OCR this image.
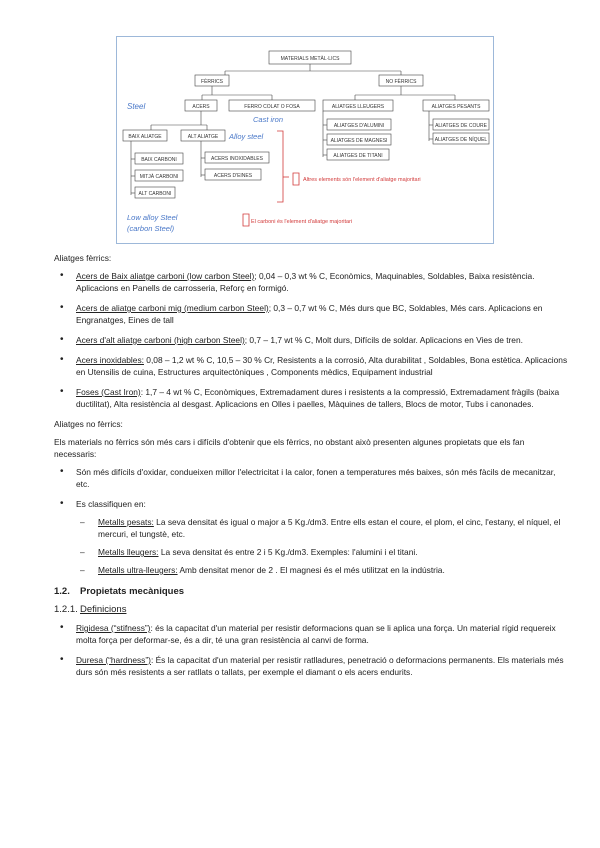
MATERIALS METÀL·LICS
FÈRRICS	NO FÈRRICS
ACERS	FERRO COLAT O FOSA	ALIATGES LLEUGERS	ALIATGES PESANTS
BAIX ALIATGE	ALT ALIATGE
BAIX CARBONI
MITJÀ CARBONI
ALT CARBONI
ACERS INOXIDABLES
ACERS D'EINES
ALIATGES D'ALUMINI
ALIATGES DE MAGNESI
ALIATGES DE TITANI
ALIATGES DE COURE
ALIATGES DE NÍQUEL
Steel
Cast iron
Alloy steel
Low alloy Steel
(carbon Steel)
Altres elements són l'element d'aliatge majoritari
El carboni és l'element d'aliatge majoritari

Aliatges fèrrics:

• Acers de Baix aliatge carboni (low carbon Steel); 0,04 – 0,3 wt % C, Econòmics, Maquinables, Soldables, Baixa resistència. Aplicacions en Panells de carrosseria, Reforç en formigó.
• Acers de aliatge carboni mig (medium carbon Steel); 0,3 – 0,7 wt % C, Més durs que BC, Soldables, Més cars. Aplicacions en Engranatges, Eines de tall
• Acers d'alt aliatge carboni (high carbon Steel); 0,7 – 1,7 wt % C, Molt durs, Difícils de soldar. Aplicacions en Vies de tren.
• Acers inoxidables: 0,08 – 1,2 wt % C, 10,5 – 30 % Cr, Resistents a la corrosió, Alta durabilitat , Soldables, Bona estètica. Aplicacions en Utensilis de cuina, Estructures arquitectòniques , Components mèdics, Equipament industrial
• Foses (Cast Iron): 1,7 – 4 wt % C, Econòmiques, Extremadament dures i resistents a la compressió, Extremadament fràgils (baixa ductilitat), Alta resistència al desgast. Aplicacions en Olles i paelles, Màquines de tallers, Blocs de motor, Tubs i canonades.

Aliatges no fèrrics:

Els materials no fèrrics són més cars i difícils d'obtenir que els fèrrics, no obstant això presenten algunes propietats que els fan necessaris:

• Són més difícils d'oxidar, condueixen millor l'electricitat i la calor, fonen a temperatures més baixes, són més fàcils de mecanitzar, etc.
• Es classifiquen en:
– Metalls pesats: La seva densitat és igual o major a 5 Kg./dm3. Entre ells estan el coure, el plom, el cinc, l'estany, el níquel, el mercuri, el tungstè, etc.
– Metalls lleugers: La seva densitat és entre 2 i 5 Kg./dm3. Exemples: l'alumini i el titani.
– Metalls ultra-lleugers: Amb densitat menor de 2 . El magnesi és el més utilitzat en la indústria.
1.2. Propietats mecàniques
1.2.1. Definicions
• Rigidesa (“stifness”): és la capacitat d'un material per resistir deformacions quan se li aplica una força. Un material rígid requereix molta força per deformar-se, és a dir, té una gran resistència al canvi de forma.
• Duresa (“hardness”): És la capacitat d'un material per resistir ratlladures, penetració o deformacions permanents. Els materials més durs són més resistents a ser ratllats o tallats, per exemple el diamant o els acers endurits.
